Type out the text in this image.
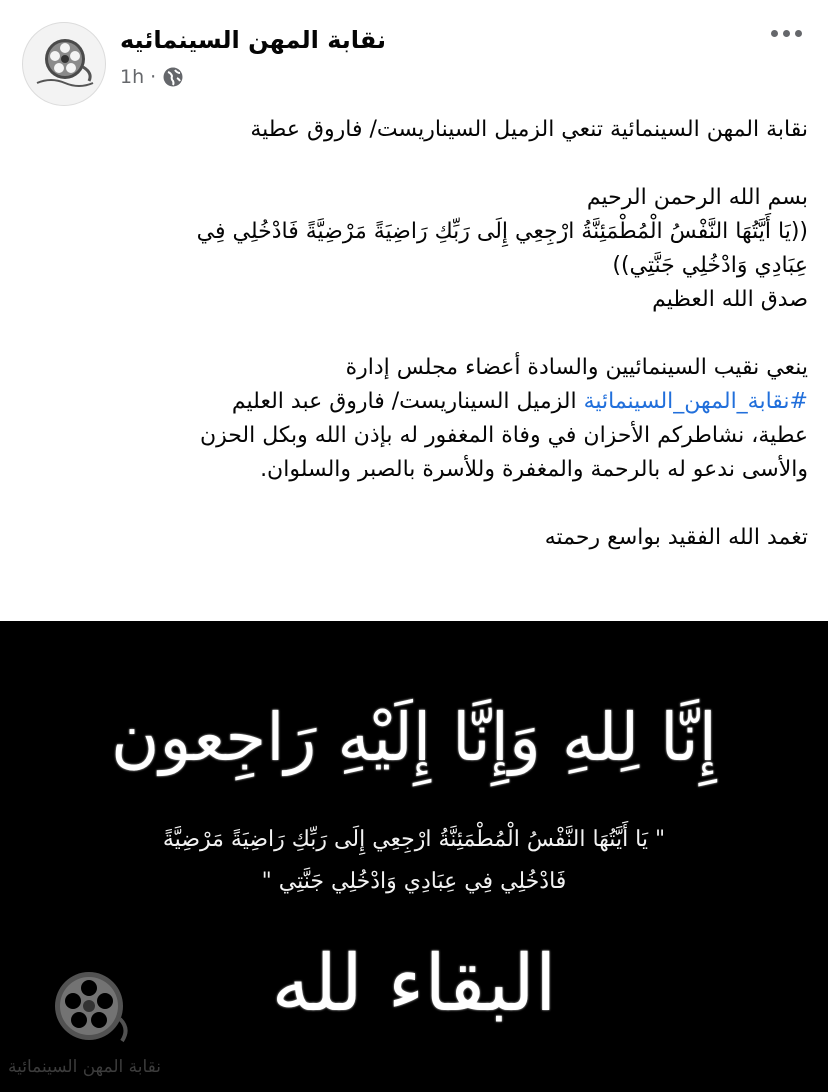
نقابة المهن السينمائيه
1h ·

نقابة المهن السينمائية تنعي الزميل السيناريست/ فاروق عطية

بسم الله الرحمن الرحيم

((يَا أَيَّتُهَا النَّفْسُ الْمُطْمَئِنَّةُ ارْجِعِي إِلَى رَبِّكِ رَاضِيَةً مَرْضِيَّةً فَادْخُلِي فِي

عِبَادِي وَادْخُلِي جَنَّتِي))

صدق الله العظيم

ينعي نقيب السينمائيين والسادة أعضاء مجلس إدارة

#نقابة_المهن_السينمائية الزميل السيناريست/ فاروق عبد العليم

عطية، نشاطركم الأحزان في وفاة المغفور له بإذن الله وبكل الحزن

والأسى ندعو له بالرحمة والمغفرة وللأسرة بالصبر والسلوان.

تغمد الله الفقيد بواسع رحمته

إِنَّا لِلهِ وَإِنَّا إِلَيْهِ رَاجِعون
" يَا أَيَّتُهَا النَّفْسُ الْمُطْمَئِنَّةُ ارْجِعِي إِلَى رَبِّكِ رَاضِيَةً مَرْضِيَّةً
فَادْخُلِي فِي عِبَادِي وَادْخُلِي جَنَّتِي "
البقاء لله
نقابة المهن السينمائية
